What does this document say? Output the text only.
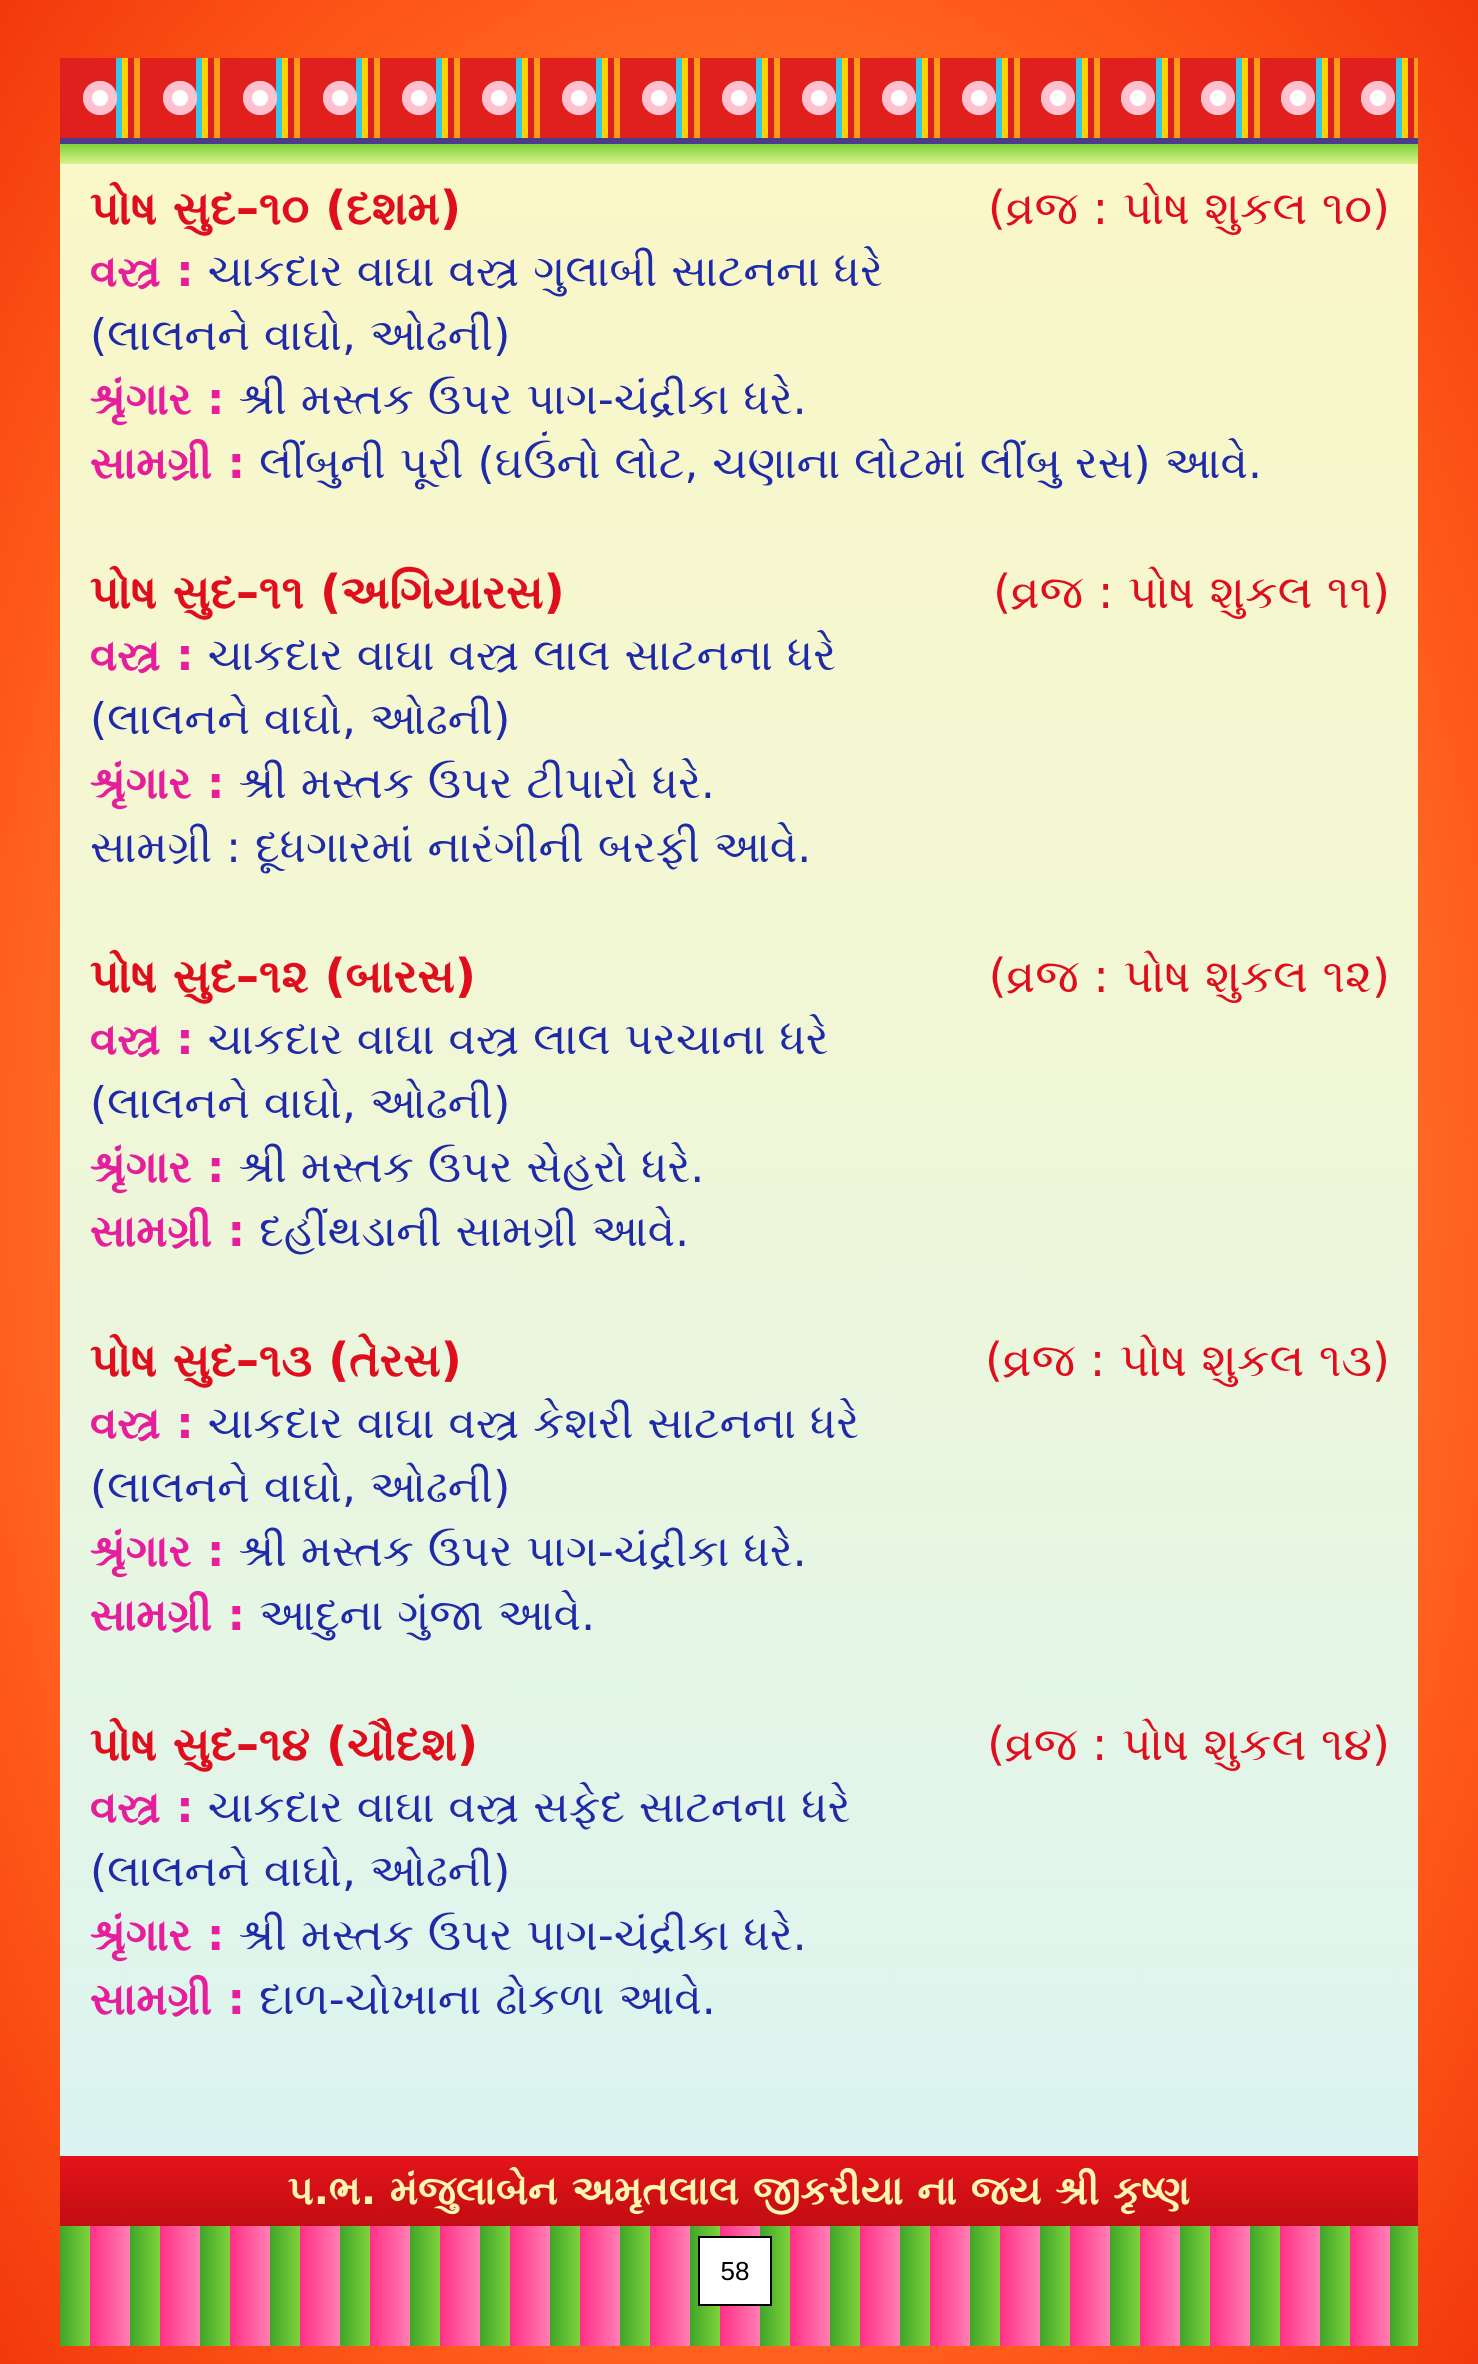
પોષ સુદ–૧૦ (દશમ)	(વ્રજ : પોષ શુકલ ૧૦)
વસ્ત્ર : ચાકદાર વાઘા વસ્ત્ર ગુલાબી સાટનના ધરે
(લાલનને વાઘો, ઓઢની)
શ્રૃંગાર : શ્રી મસ્તક ઉપર પાગ-ચંદ્રીકા ધરે.
સામગ્રી : લીંબુની પૂરી (ઘઉંનો લોટ, ચણાના લોટમાં લીંબુ રસ) આવે.
પોષ સુદ–૧૧ (અગિયારસ)	(વ્રજ : પોષ શુકલ ૧૧)
વસ્ત્ર : ચાકદાર વાઘા વસ્ત્ર લાલ સાટનના ધરે
(લાલનને વાઘો, ઓઢની)
શ્રૃંગાર : શ્રી મસ્તક ઉપર ટીપારો ધરે.
સામગ્રી : દૂધગારમાં નારંગીની બરફી આવે.
પોષ સુદ–૧૨ (બારસ)	(વ્રજ : પોષ શુકલ ૧૨)
વસ્ત્ર : ચાકદાર વાઘા વસ્ત્ર લાલ પરચાના ધરે
(લાલનને વાઘો, ઓઢની)
શ્રૃંગાર : શ્રી મસ્તક ઉપર સેહરો ધરે.
સામગ્રી : દહીંથડાની સામગ્રી આવે.
પોષ સુદ–૧૩ (તેરસ)	(વ્રજ : પોષ શુકલ ૧૩)
વસ્ત્ર : ચાકદાર વાઘા વસ્ત્ર કેશરી સાટનના ધરે
(લાલનને વાઘો, ઓઢની)
શ્રૃંગાર : શ્રી મસ્તક ઉપર પાગ-ચંદ્રીકા ધરે.
સામગ્રી : આદુના ગુંજા આવે.
પોષ સુદ–૧૪ (ચૌદશ)	(વ્રજ : પોષ શુકલ ૧૪)
વસ્ત્ર : ચાકદાર વાઘા વસ્ત્ર સફેદ સાટનના ધરે
(લાલનને વાઘો, ઓઢની)
શ્રૃંગાર : શ્રી મસ્તક ઉપર પાગ-ચંદ્રીકા ધરે.
સામગ્રી : દાળ-ચોખાના ઢોકળા આવે.
પ.ભ. મંજુલાબેન અમૃતલાલ જીકરીયા ના જય શ્રી કૃષ્ણ
58
